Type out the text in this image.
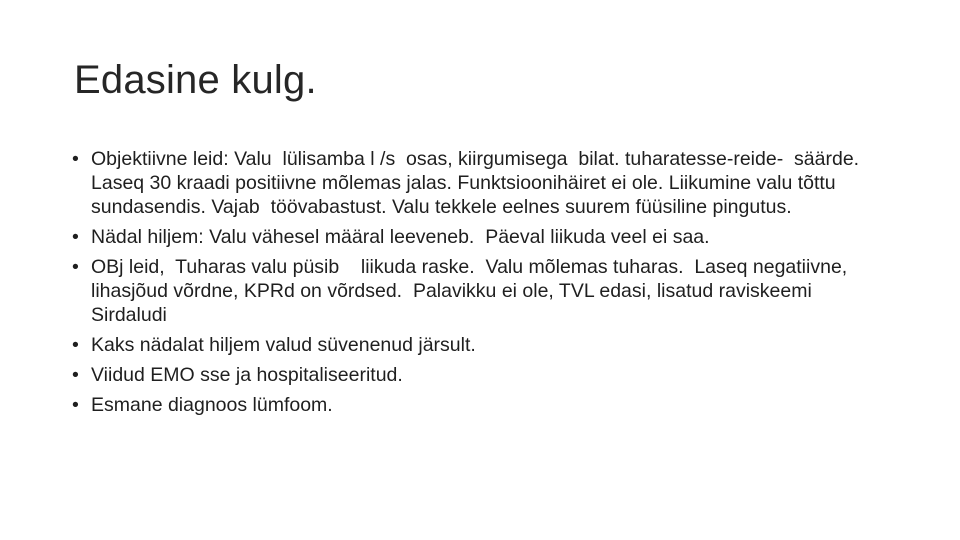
Edasine kulg.
• Objektiivne leid: Valu  lülisamba l /s  osas, kiirgumisega  bilat. tuharatesse-reide-  säärde. Laseq 30 kraadi positiivne mõlemas jalas. Funktsioonihäiret ei ole. Liikumine valu tõttu sundasendis. Vajab  töövabastust. Valu tekkele eelnes suurem füüsiline pingutus.
• Nädal hiljem: Valu vähesel määral leeveneb.  Päeval liikuda veel ei saa.
• OBj leid,  Tuharas valu püsib    liikuda raske.  Valu mõlemas tuharas.  Laseq negatiivne, lihasjõud võrdne, KPRd on võrdsed.  Palavikku ei ole, TVL edasi, lisatud raviskeemi Sirdaludi
• Kaks nädalat hiljem valud süvenenud järsult.
• Viidud EMO sse ja hospitaliseeritud.
• Esmane diagnoos lümfoom.
